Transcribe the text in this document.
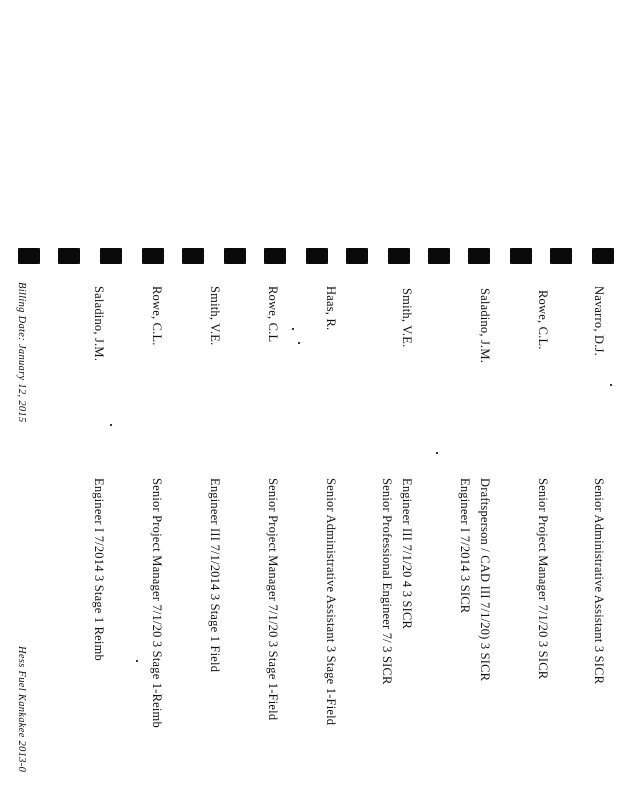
Navarro, D.J.
Senior Administrative Assistant 3 SICR
Rowe, C.L.
Senior Project Manager 7/1/20 3 SICR
Saladino, J.M.
Draftsperson / CAD III 7/1/20) 3 SICR
Engineer I 7/2014 3 SICR
Smith, V.E.
Engineer III 7/1/20 4 3 SICR
Senior Professional Engineer 7/ 3 SICR
Haas, R.
Senior Administrative Assistant 3 Stage 1-Field
Rowe, C.L
Senior Project Manager 7/1/20 3 Stage 1-Field
Smith, V.E.
Engineer III 7/1/2014 3 Stage 1 Field
Rowe, C.L.
Senior Project Manager 7/1/20 3 Stage 1-Reimb
Saladino, J.M.
Engineer I 7/2014 3 Stage 1 Reimb
Billing Date: January 12, 2015
Hess Fuel Kankakee 2013-0
